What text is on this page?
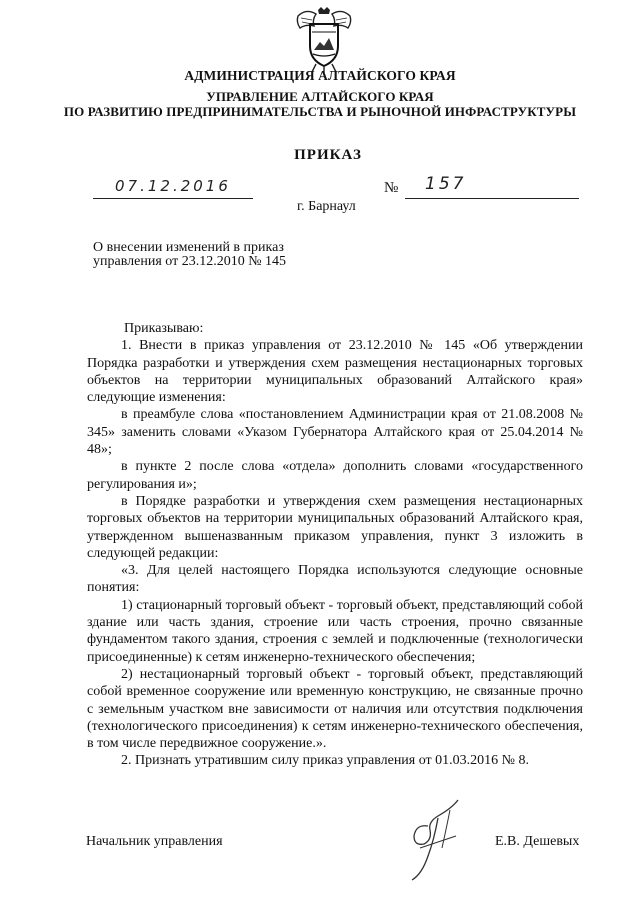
АДМИНИСТРАЦИЯ АЛТАЙСКОГО КРАЯ
УПРАВЛЕНИЕ АЛТАЙСКОГО КРАЯ
ПО РАЗВИТИЮ ПРЕДПРИНИМАТЕЛЬСТВА И РЫНОЧНОЙ ИНФРАСТРУКТУРЫ
ПРИКАЗ
07.12.2016	№ 157
г. Барнаул
О внесении изменений в приказ управления от 23.12.2010 № 145

Приказываю:

1. Внести в приказ управления от 23.12.2010 № 145 «Об утверждении Порядка разработки и утверждения схем размещения нестационарных торговых объектов на территории муниципальных образований Алтайского края» следующие изменения:

в преамбуле слова «постановлением Администрации края от 21.08.2008 № 345» заменить словами «Указом Губернатора Алтайского края от 25.04.2014 № 48»;

в пункте 2 после слова «отдела» дополнить словами «государственного регулирования и»;

в Порядке разработки и утверждения схем размещения нестационарных торговых объектов на территории муниципальных образований Алтайского края, утвержденном вышеназванным приказом управления, пункт 3 изложить в следующей редакции:

«3. Для целей настоящего Порядка используются следующие основные понятия:

1) стационарный торговый объект - торговый объект, представляющий собой здание или часть здания, строение или часть строения, прочно связанные фундаментом такого здания, строения с землей и подключенные (технологически присоединенные) к сетям инженерно-технического обеспечения;

2) нестационарный торговый объект - торговый объект, представляющий собой временное сооружение или временную конструкцию, не связанные прочно с земельным участком вне зависимости от наличия или отсутствия подключения (технологического присоединения) к сетям инженерно-технического обеспечения, в том числе передвижное сооружение.».

2. Признать утратившим силу приказ управления от 01.03.2016 № 8.

Начальник управления	Е.В. Дешевых
